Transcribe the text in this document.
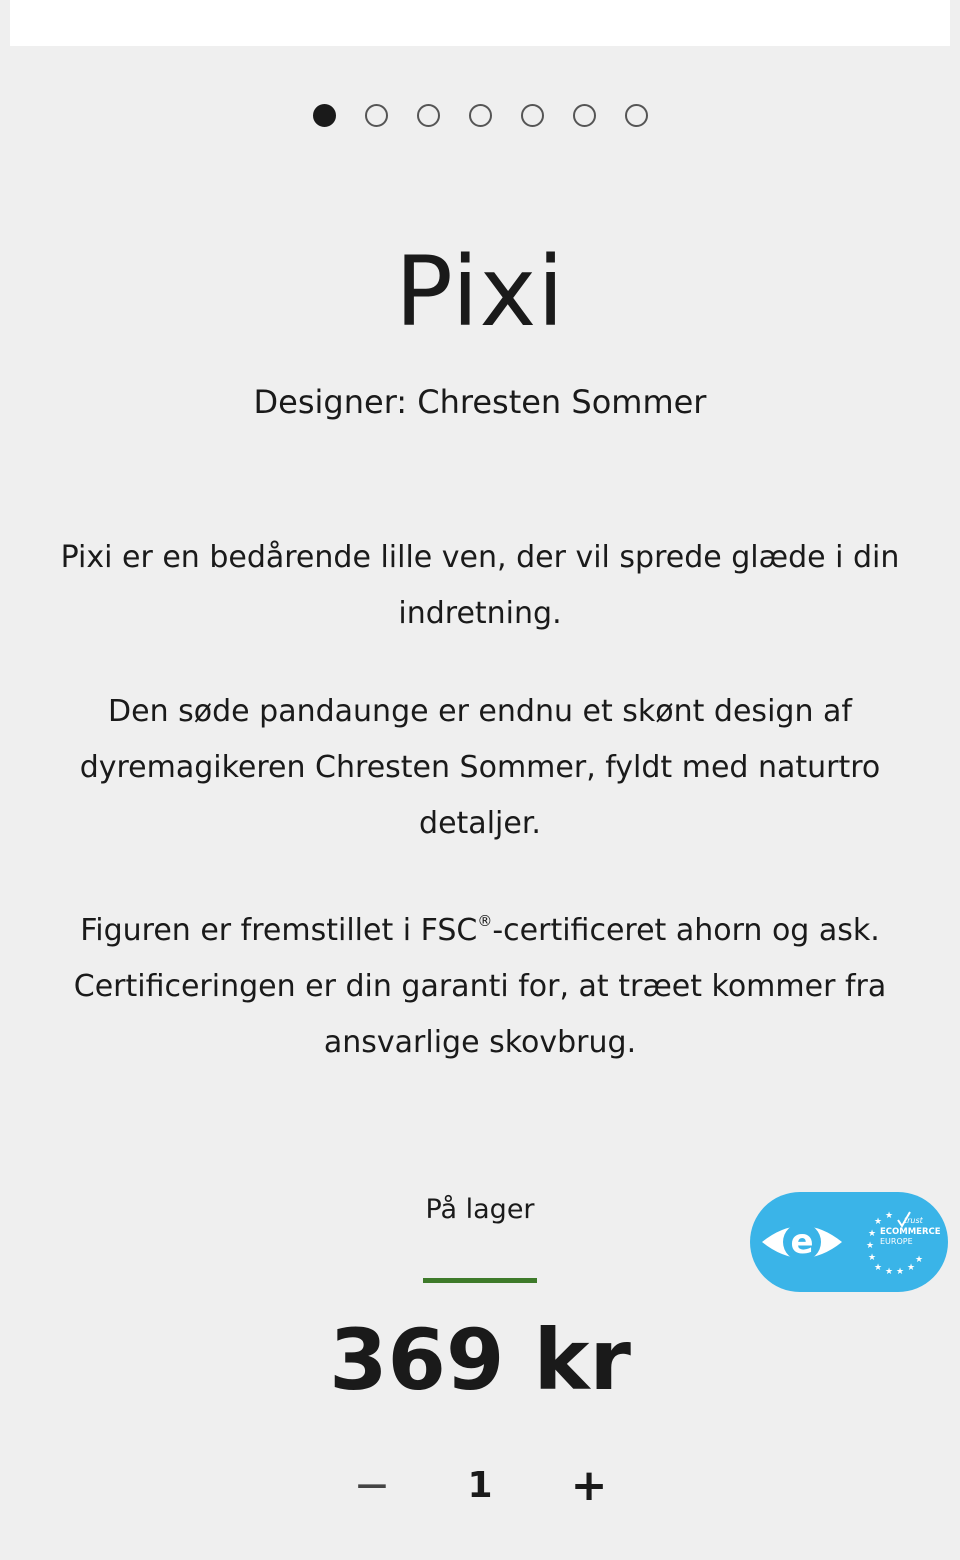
Pixi
Designer: Chresten Sommer

Pixi er en bedårende lille ven, der vil sprede glæde i din indretning.

Den søde pandaunge er endnu et skønt design af dyremagikeren Chresten Sommer, fyldt med naturtro detaljer.

Figuren er fremstillet i FSC®-certificeret ahorn og ask. Certificeringen er din garanti for, at træet kommer fra ansvarlige skovbrug.

På lager
369 kr
−	1	+
e	★
★
★
★
★
★ ★ ★ ★
★
trust
ECOMMERCE
EUROPE
